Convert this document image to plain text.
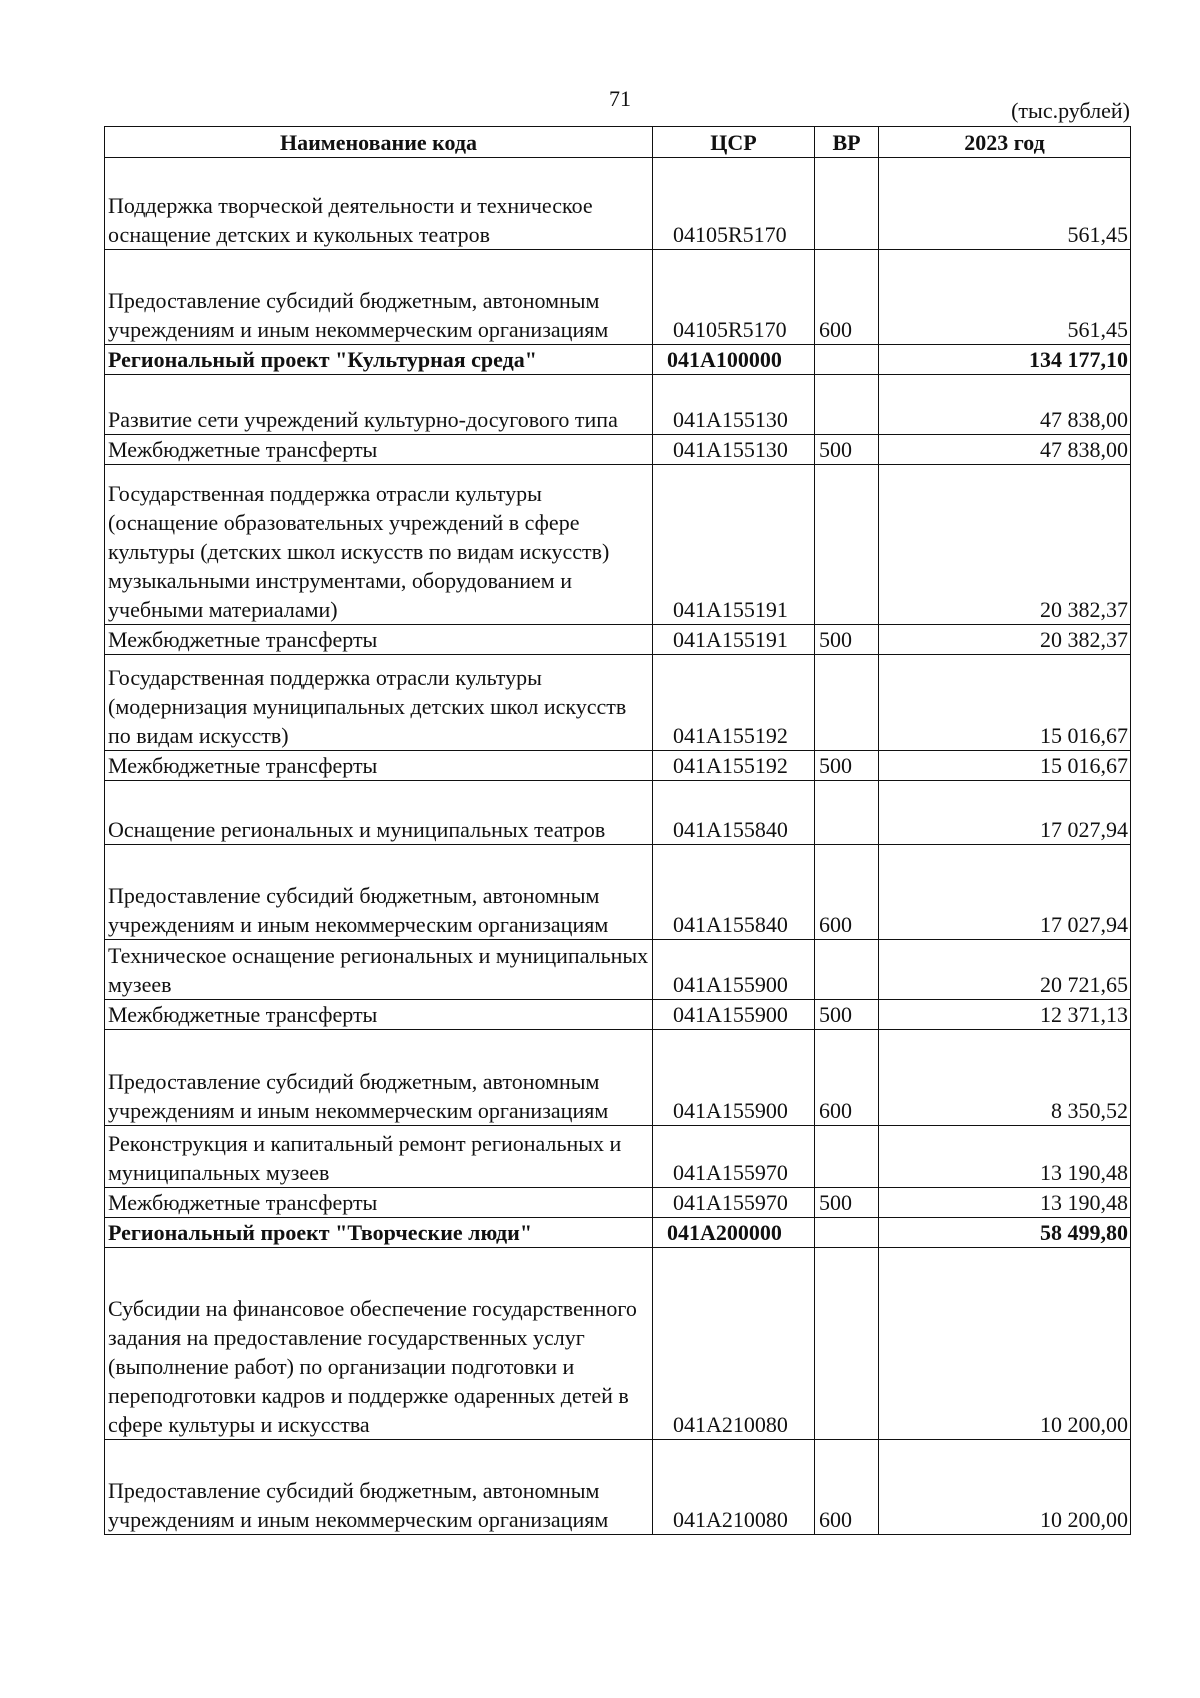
71	(тыс.рублей)
Наименование кода	ЦСР	ВР	2023 год
Поддержка творческой деятельности и техническое оснащение детских и кукольных театров	04105R5170		561,45
Предоставление субсидий бюджетным, автономным учреждениям и иным некоммерческим организациям	04105R5170	600	561,45
Региональный проект "Культурная среда"	041A100000		134 177,10
Развитие сети учреждений культурно-досугового типа	041A155130		47 838,00
Межбюджетные трансферты	041A155130	500	47 838,00
Государственная поддержка отрасли культуры (оснащение образовательных учреждений в сфере культуры (детских школ искусств по видам искусств) музыкальными инструментами, оборудованием и учебными материалами)	041A155191		20 382,37
Межбюджетные трансферты	041A155191	500	20 382,37
Государственная поддержка отрасли культуры (модернизация муниципальных детских школ искусств по видам искусств)	041A155192		15 016,67
Межбюджетные трансферты	041A155192	500	15 016,67
Оснащение региональных и муниципальных театров	041A155840		17 027,94
Предоставление субсидий бюджетным, автономным учреждениям и иным некоммерческим организациям	041A155840	600	17 027,94
Техническое оснащение региональных и муниципальных музеев	041A155900		20 721,65
Межбюджетные трансферты	041A155900	500	12 371,13
Предоставление субсидий бюджетным, автономным учреждениям и иным некоммерческим организациям	041A155900	600	8 350,52
Реконструкция и капитальный ремонт региональных и муниципальных музеев	041A155970		13 190,48
Межбюджетные трансферты	041A155970	500	13 190,48
Региональный проект "Творческие люди"	041A200000		58 499,80
Субсидии на финансовое обеспечение государственного задания на предоставление государственных услуг (выполнение работ) по организации подготовки и переподготовки кадров и поддержке одаренных детей в сфере культуры и искусства	041A210080		10 200,00
Предоставление субсидий бюджетным, автономным учреждениям и иным некоммерческим организациям	041A210080	600	10 200,00
